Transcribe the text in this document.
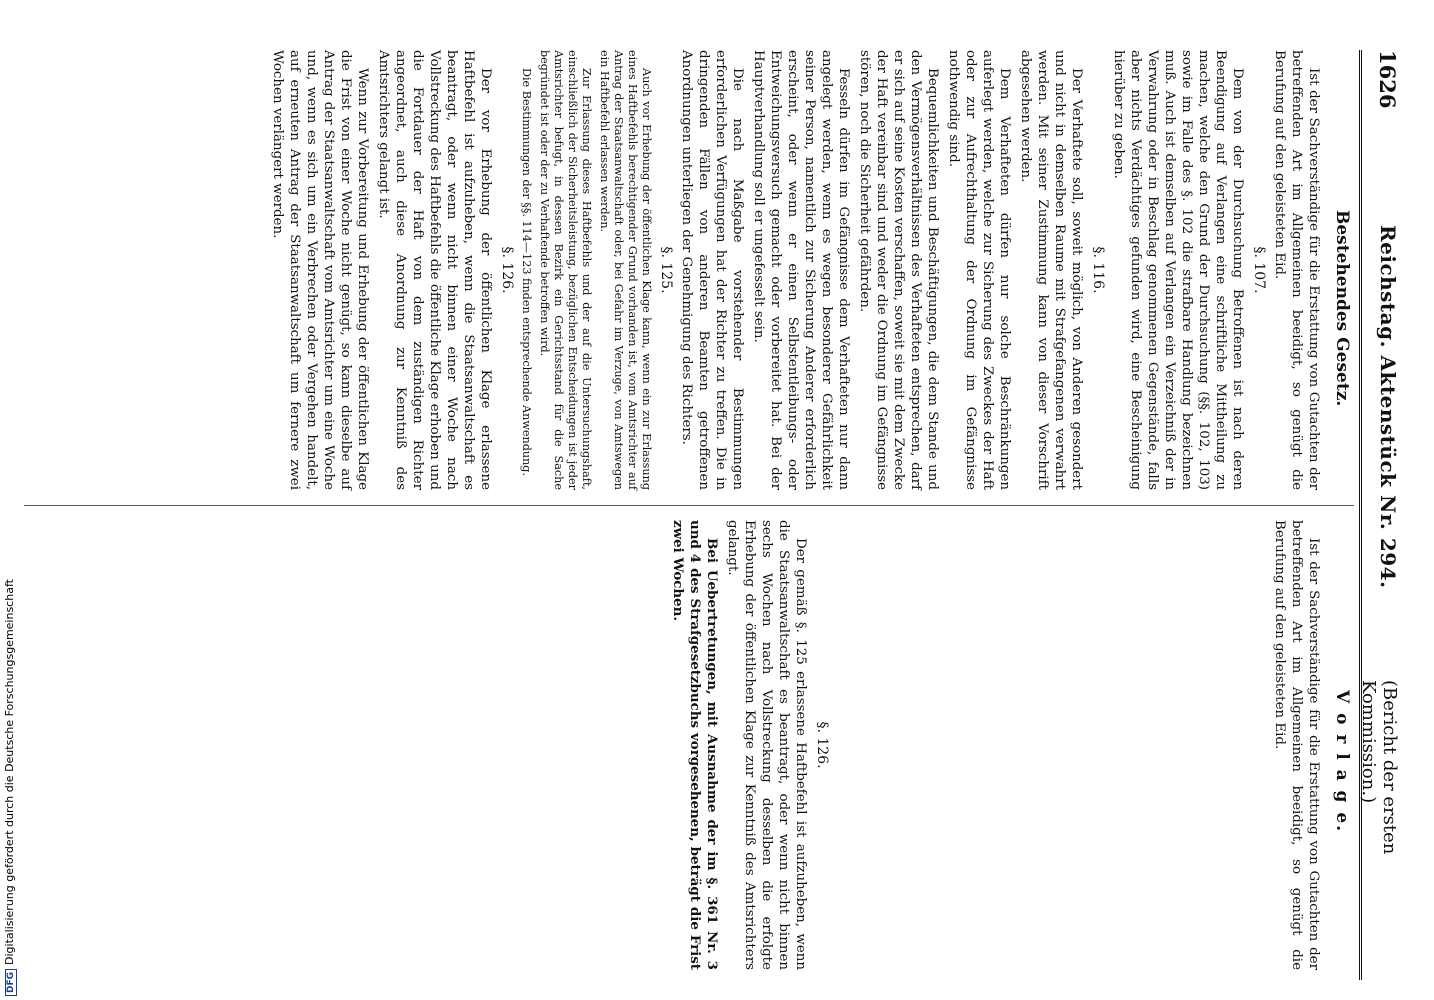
DFGDigitalisierung gefördert durch die Deutsche Forschungsgemeinschaft
1626
Reichstag. Aktenstück Nr. 294.
(Bericht der ersten Kommission.)
Bestehendes Gesetz.

Ist der Sachverständige für die Erstattung von Gutachten der betreffenden Art im Allgemeinen beeidigt, so genügt die Berufung auf den geleisteten Eid.

§. 107.

Dem von der Durchsuchung Betroffenen ist nach deren Beendigung auf Verlangen eine schriftliche Mittheilung zu machen, welche den Grund der Durchsuchung (§§. 102, 103) sowie im Falle des §. 102 die strafbare Handlung bezeichnen muß. Auch ist demselben auf Verlangen ein Verzeichniß der in Verwahrung oder in Beschlag genommenen Gegenstände, falls aber nichts Verdächtiges gefunden wird, eine Bescheinigung hierüber zu geben.

§. 116.

Der Verhaftete soll, soweit möglich, von Anderen gesondert und nicht in demselben Raume mit Strafgefangenen verwahrt werden. Mit seiner Zustimmung kann von dieser Vorschrift abgesehen werden.

Dem Verhafteten dürfen nur solche Beschränkungen auferlegt werden, welche zur Sicherung des Zweckes der Haft oder zur Aufrechthaltung der Ordnung im Gefängnisse nothwendig sind.

Bequemlichkeiten und Beschäftigungen, die dem Stande und den Vermögensverhältnissen des Verhafteten entsprechen, darf er sich auf seine Kosten verschaffen, soweit sie mit dem Zwecke der Haft vereinbar sind und weder die Ordnung im Gefängnisse stören, noch die Sicherheit gefährden.

Fesseln dürfen im Gefängnisse dem Verhafteten nur dann angelegt werden, wenn es wegen besonderer Gefährlichkeit seiner Person, namentlich zur Sicherung Anderer erforderlich erscheint, oder wenn er einen Selbstentleibungs- oder Entweichungsversuch gemacht oder vorbereitet hat. Bei der Hauptverhandlung soll er ungefesselt sein.

Die nach Maßgabe vorstehender Bestimmungen erforderlichen Verfügungen hat der Richter zu treffen. Die in dringenden Fällen von anderen Beamten getroffenen Anordnungen unterliegen der Genehmigung des Richters.

§. 125.

Auch vor Erhebung der öffentlichen Klage kann, wenn ein zur Erlassung eines Haftbefehls berechtigender Grund vorhanden ist, vom Amtsrichter auf Antrag der Staatsanwaltschaft oder, bei Gefahr im Verzuge, von Amtswegen ein Haftbefehl erlassen werden.

Zur Erlassung dieses Haftbefehls und der auf die Untersuchungshaft, einschließlich der Sicherheitsleistung, bezüglichen Entscheidungen ist jeder Amtsrichter befugt, in dessen Bezirk ein Gerichtsstand für die Sache begründet ist oder der zu Verhaftende betroffen wird.

Die Bestimmungen der §§. 114—123 finden entsprechende Anwendung.

§. 126.

Der vor Erhebung der öffentlichen Klage erlassene Haftbefehl ist aufzuheben, wenn die Staatsanwaltschaft es beantragt, oder wenn nicht binnen einer Woche nach Vollstreckung des Haftbefehls die öffentliche Klage erhoben und die Fortdauer der Haft von dem zuständigen Richter angeordnet, auch diese Anordnung zur Kenntniß des Amtsrichters gelangt ist.

Wenn zur Vorbereitung und Erhebung der öffentlichen Klage die Frist von einer Woche nicht genügt, so kann dieselbe auf Antrag der Staatsanwaltschaft vom Amtsrichter um eine Woche und, wenn es sich um ein Verbrechen oder Vergehen handelt, auf erneuten Antrag der Staatsanwaltschaft um fernere zwei Wochen verlängert werden.

V o r l a g e.

Ist der Sachverständige für die Erstattung von Gutachten der betreffenden Art im Allgemeinen beeidigt, so genügt die Berufung auf den geleisteten Eid.

§. 126.

Der gemäß §. 125 erlassene Haftbefehl ist aufzuheben, wenn die Staatsanwaltschaft es beantragt, oder wenn nicht binnen sechs Wochen nach Vollstreckung desselben die erfolgte Erhebung der öffentlichen Klage zur Kenntniß des Amtsrichters gelangt.

Bei Uebertretungen, mit Ausnahme der im §. 361 Nr. 3 und 4 des Strafgesetzbuchs vorgesehenen, beträgt die Frist zwei Wochen.
